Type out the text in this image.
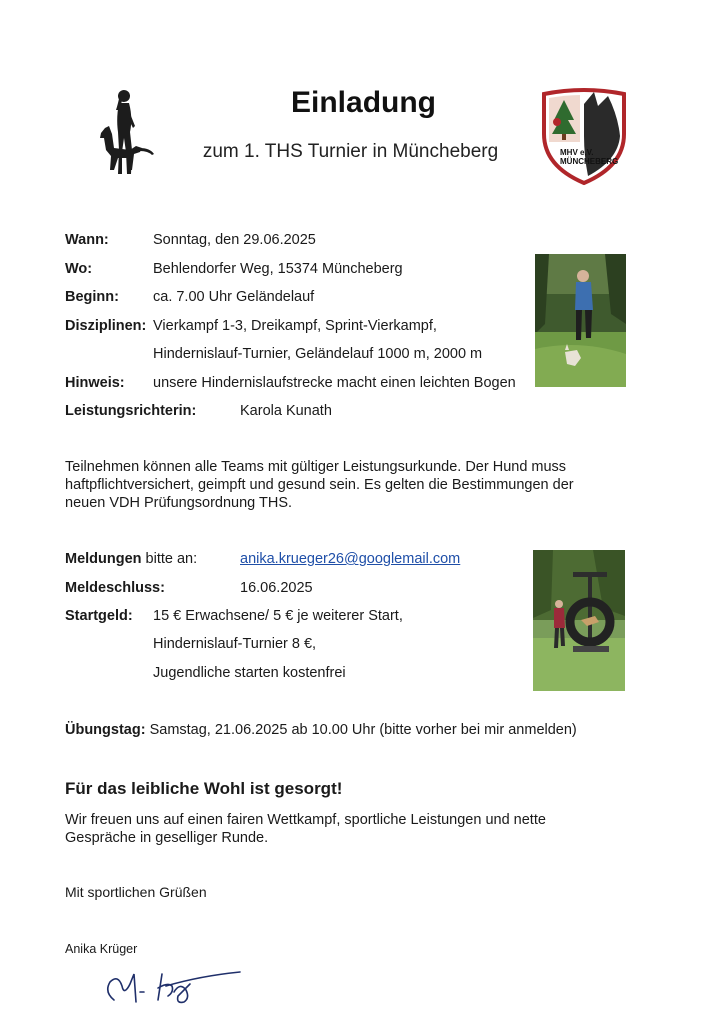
Einladung
zum 1. THS Turnier in Müncheberg	MHV e.V. MÜNCHEBERG
Wann:	Sonntag, den 29.06.2025
Wo:	Behlendorfer Weg, 15374 Müncheberg
Beginn: ca. 7.00 Uhr Geländelauf
Disziplinen: Vierkampf 1-3, Dreikampf, Sprint-Vierkampf,
Hindernislauf-Turnier, Geländelauf 1000 m, 2000 m
Hinweis: unsere Hindernislaufstrecke macht einen leichten Bogen
Leistungsrichterin:	Karola Kunath
Teilnehmen können alle Teams mit gültiger Leistungsurkunde. Der Hund muss
haftpflichtversichert, geimpft und gesund sein. Es gelten die Bestimmungen der
neuen VDH Prüfungsordnung THS.
Meldungen bitte an:	anika.krueger26@googlemail.com
Meldeschluss:	16.06.2025
Startgeld: 15 € Erwachsene/ 5 € je weiterer Start,
Hindernislauf-Turnier 8 €,
Jugendliche starten kostenfrei
Übungstag: Samstag, 21.06.2025 ab 10.00 Uhr (bitte vorher bei mir anmelden)
Für das leibliche Wohl ist gesorgt!
Wir freuen uns auf einen fairen Wettkampf, sportliche Leistungen und nette
Gespräche in geselliger Runde.
Mit sportlichen Grüßen
Anika Krüger
